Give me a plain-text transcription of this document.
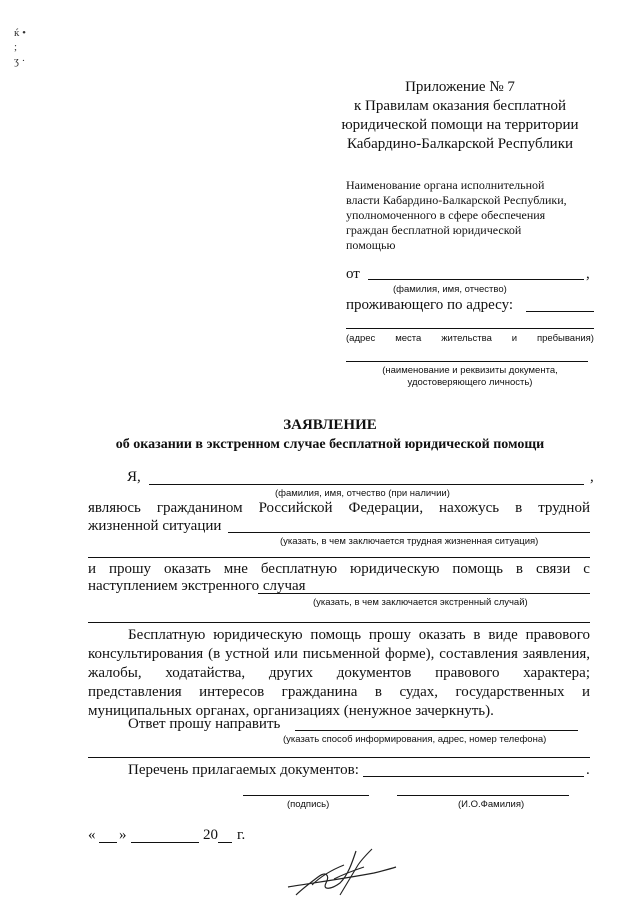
ќ •
;
ʒ ·
Приложение № 7
к Правилам оказания бесплатной
юридической помощи на территории
Кабардино-Балкарской Республики
Наименование органа исполнительной
власти Кабардино-Балкарской Республики,
уполномоченного в сфере обеспечения
граждан бесплатной юридической
помощью
от	,
(фамилия, имя, отчество)
проживающего по адресу:
(адрес места жительства и пребывания)
(наименование и реквизиты документа,
удостоверяющего личность)
ЗАЯВЛЕНИЕ
об оказании в экстренном случае бесплатной юридической помощи
Я,	,
(фамилия, имя, отчество (при наличии)
являюсь гражданином Российской Федерации, нахожусь в трудной
жизненной ситуации
(указать, в чем заключается трудная жизненная ситуация)
и прошу оказать мне бесплатную юридическую помощь в связи с
наступлением экстренного случая
(указать, в чем заключается экстренный случай)
Бесплатную юридическую помощь прошу оказать в виде правового
консультирования (в устной или письменной форме), составления заявления,
жалобы, ходатайства, других документов правового характера;
представления интересов гражданина в судах, государственных и
муниципальных органах, организациях (ненужное зачеркнуть).
Ответ прошу направить
(указать способ информирования, адрес, номер телефона)
Перечень прилагаемых документов:	.
(подпись)	(И.О.Фамилия)
« »	20 г.
